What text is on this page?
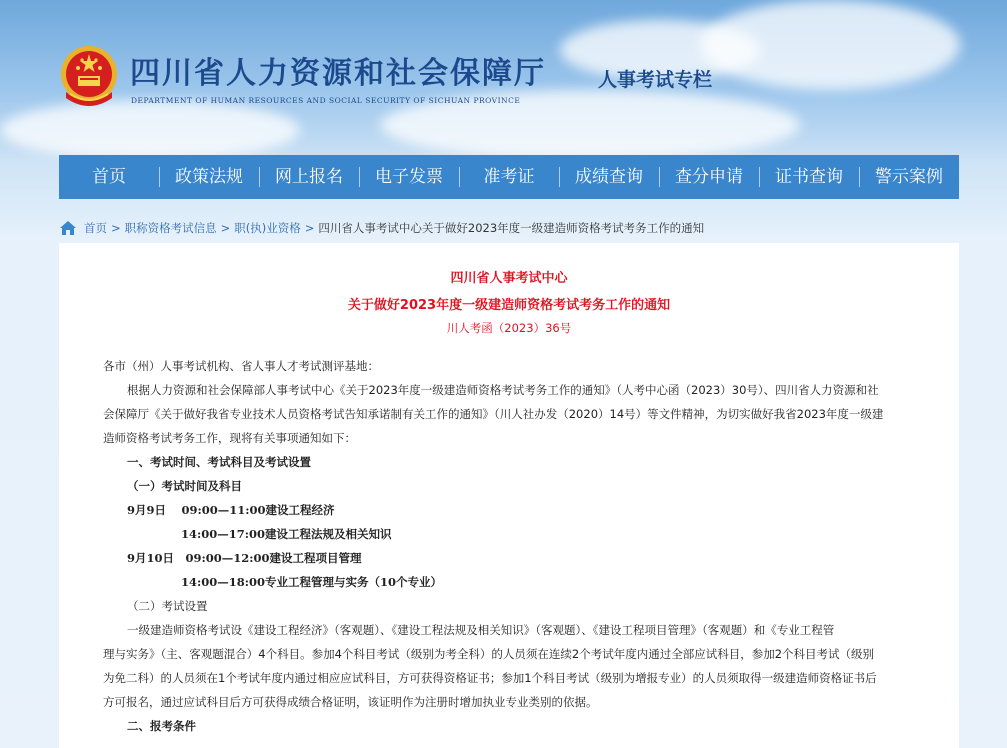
四川省人力资源和社会保障厅
DEPARTMENT OF HUMAN RESOURCES AND SOCIAL SECURITY OF SICHUAN PROVINCE
人事考试专栏
首页	政策法规	网上报名	电子发票	准考证	成绩查询	查分申请	证书查询	警示案例
首页 > 职称资格考试信息 > 职(执)业资格 > 四川省人事考试中心关于做好2023年度一级建造师资格考试考务工作的通知
四川省人事考试中心
关于做好2023年度一级建造师资格考试考务工作的通知
川人考函（2023）36号
各市（州）人事考试机构、省人事人才考试测评基地：
根据人力资源和社会保障部人事考试中心《关于2023年度一级建造师资格考试考务工作的通知》（人考中心函（2023）30号）、四川省人力资源和社
会保障厅《关于做好我省专业技术人员资格考试告知承诺制有关工作的通知》（川人社办发（2020）14号）等文件精神，为切实做好我省2023年度一级建
造师资格考试考务工作，现将有关事项通知如下：
一、考试时间、考试科目及考试设置
（一）考试时间及科目
9月9日　 09:00—11:00建设工程经济
14:00—17:00建设工程法规及相关知识
9月10日　09:00—12:00建设工程项目管理
14:00—18:00专业工程管理与实务（10个专业）
（二）考试设置
一级建造师资格考试设《建设工程经济》（客观题）、《建设工程法规及相关知识》（客观题）、《建设工程项目管理》（客观题）和《专业工程管
理与实务》（主、客观题混合）4个科目。参加4个科目考试（级别为考全科）的人员须在连续2个考试年度内通过全部应试科目，参加2个科目考试（级别
为免二科）的人员须在1个考试年度内通过相应应试科目，方可获得资格证书；参加1个科目考试（级别为增报专业）的人员须取得一级建造师资格证书后
方可报名，通过应试科目后方可获得成绩合格证明，该证明作为注册时增加执业专业类别的依据。
二、报考条件
